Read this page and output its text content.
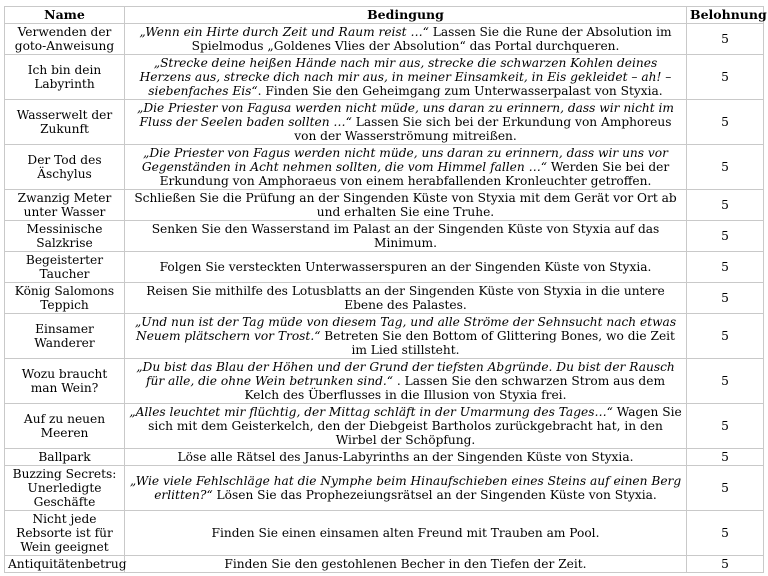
Name	Bedingung	Belohnung
Verwenden der goto-Anweisung	„Wenn ein Hirte durch Zeit und Raum reist …“ Lassen Sie die Rune der Absolution im Spielmodus „Goldenes Vlies der Absolution“ das Portal durchqueren.	5
Ich bin dein Labyrinth	„Strecke deine heißen Hände nach mir aus, strecke die schwarzen Kohlen deines Herzens aus, strecke dich nach mir aus, in meiner Einsamkeit, in Eis gekleidet – ah! – siebenfaches Eis“. Finden Sie den Geheimgang zum Unterwasserpalast von Styxia.	5
Wasserwelt der Zukunft	„Die Priester von Fagusa werden nicht müde, uns daran zu erinnern, dass wir nicht im Fluss der Seelen baden sollten …“ Lassen Sie sich bei der Erkundung von Amphoreus von der Wasserströmung mitreißen.	5
Der Tod des Äschylus	„Die Priester von Fagus werden nicht müde, uns daran zu erinnern, dass wir uns vor Gegenständen in Acht nehmen sollten, die vom Himmel fallen …“ Werden Sie bei der Erkundung von Amphoraeus von einem herabfallenden Kronleuchter getroffen.	5
Zwanzig Meter unter Wasser	Schließen Sie die Prüfung an der Singenden Küste von Styxia mit dem Gerät vor Ort ab und erhalten Sie eine Truhe.	5
Messinische Salzkrise	Senken Sie den Wasserstand im Palast an der Singenden Küste von Styxia auf das Minimum.	5
Begeisterter Taucher	Folgen Sie versteckten Unterwasserspuren an der Singenden Küste von Styxia.	5
König Salomons Teppich	Reisen Sie mithilfe des Lotusblatts an der Singenden Küste von Styxia in die untere Ebene des Palastes.	5
Einsamer Wanderer	„Und nun ist der Tag müde von diesem Tag, und alle Ströme der Sehnsucht nach etwas Neuem plätschern vor Trost.“ Betreten Sie den Bottom of Glittering Bones, wo die Zeit im Lied stillsteht.	5
Wozu braucht man Wein?	„Du bist das Blau der Höhen und der Grund der tiefsten Abgründe. Du bist der Rausch für alle, die ohne Wein betrunken sind.“ . Lassen Sie den schwarzen Strom aus dem Kelch des Überflusses in die Illusion von Styxia frei.	5
Auf zu neuen Meeren	„Alles leuchtet mir flüchtig, der Mittag schläft in der Umarmung des Tages…“ Wagen Sie sich mit dem Geisterkelch, den der Diebgeist Bartholos zurückgebracht hat, in den Wirbel der Schöpfung.	5
Ballpark	Löse alle Rätsel des Janus-Labyrinths an der Singenden Küste von Styxia.	5
Buzzing Secrets: Unerledigte Geschäfte	„Wie viele Fehlschläge hat die Nymphe beim Hinaufschieben eines Steins auf einen Berg erlitten?“ Lösen Sie das Prophezeiungsrätsel an der Singenden Küste von Styxia.	5
Nicht jede Rebsorte ist für Wein geeignet	Finden Sie einen einsamen alten Freund mit Trauben am Pool.	5
Antiquitätenbetrug	Finden Sie den gestohlenen Becher in den Tiefen der Zeit.	5
